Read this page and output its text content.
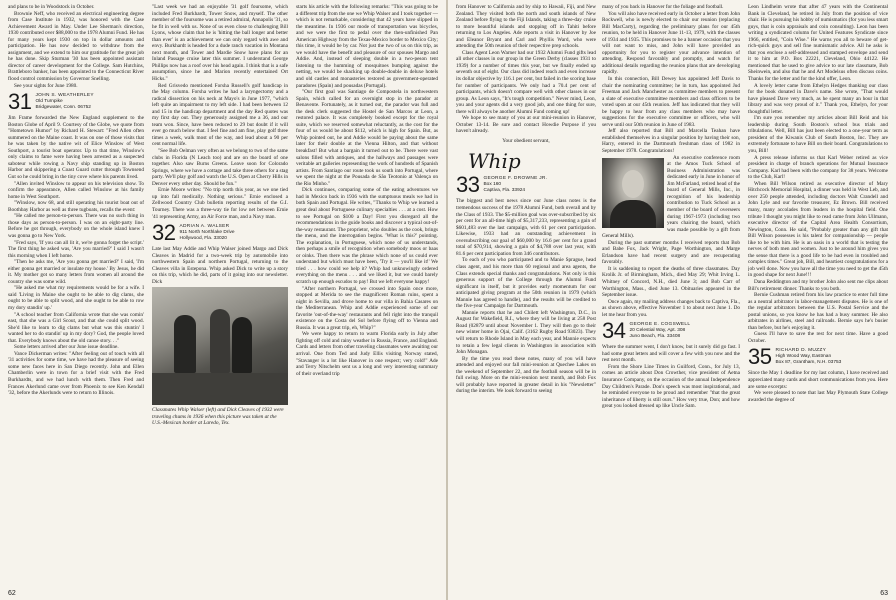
and plans to be in Woodstock in October.

Brownie Neff, who received an electrical engineering degree from Case Institute in 1932, was honored with the Case Achievement Award in May. Under Lee Sherman's direction, 1930 contributed over $88,000 to the 1978 Alumni Fund. He has for many years kept 1930 on top in dollar amounts and participation. He has now decided to withdraw from the assignment, and we extend to him our gratitude for the great job he has done. Skip Sturman '30 has been appointed assistant director of career development for the College. Sam Hutchins, Brattleboro banker, has been appointed to the Connecticut River flood control commission by Governor Snelling.

See your sights for June 1980.

31 JOHN S. WEATHERLEY
Old Turnpike
Bridgewater, Conn. 06752

Jim Frame forwarded the New England supplement to the Boston Globe of April 9. Courtesy of the Globe, we quote from "Hometown Humor" by Richard H. Stewart: "Fred Allen often summered on the Maine coast. It was on one of those visits that he was taken by the native wit of Elice Winslow of West Southport, a tourist boat operator. Up to that time, Winslow's only claims to fame were having been arrested as a suspected saboteur while rowing a Navy ship standing up in Boston Harbor and skippering a Coast Guard cutter through Townsend Gut so he could bring in the tiny cove where his parents lived.

"Allen invited Winslow to appear on his television show. To confirm the appearance, Allen called Winslow at his family home in West Southport.

"Winslow, now 68, and still operating his tourist boat out of Boothbay Harbor as well as three tugboats, recalls the event:

"He called me person-to-person. There was no such thing in those days as person-to-person. I was on an eight-party line. Before he got through, everybody on the whole island knew I was gonna go to New York.

"Fred says, 'If you can all lit it, we're gonna forget the script.' The first thing he asked was, 'Are you married?' I said I wasn't this morning when I left home.

"Then he asks me, 'Are you gonna get married?' I said, 'I'm either gonna get married or insulate my house.' By Jesus, he did it. My mother got so many letters from women all around the country she was some wild.

"He asked me what my requirements would be for a wife. I said 'Living in Maine she ought to be able to dig clams, she ought to be able to split wood, and she ought to be able to row my dory standin' up.'

"A school teacher from California wrote that she was comin' east, that she was a Girl Scout, and that she could split wood. She'd like to learn to dig clams but what was this stuntin' I wanted her to do standin' up in my dory? God, the people loved that. Everybody knows about the old canoe story. . ."

Some letters arrived after our June issue deadline.

Vance Dickerman writes: "After feeling out of touch with all '31 activities for some time, we have had the pleasure of seeing some new faces here in San Diego recently. John and Ellen Chamberlin were in town for a brief visit with the Fred Burkhardts, and we had lunch with them. Then Fred and Frances Akerlund came over from Phoenix to see Ken Kendall '32, before the Akerlunds were to return to Illinois.

"Last week we had an enjoyable '31 golf foursome, which included Fred Burkhardt, Tower Snow, and myself. The other member of the foursome was a retired admiral, Annapolis '31, so he fit in well with us. None of us even close to challenging Bill Lyons, whose claim that he is 'hitting the ball longer and better than ever' is an achievement we can only regard with awe and envy. Burkhardt is headed for a dude ranch vacation in Montana next month, and Tower and Mardie Snow have plans for an Inland Passage cruise later this summer. I understand George Phillips now has a roof over his head again. I think that is a safe assumption, since he and Marion recently entertained Ort Hicks."

Red Grisvedo mentioned Forsha Russell's golf handicap in the May column. Forsha writes he had a laryngectomy and a radical dissection on his neck at Mayo's in June 1977, "which left quite an impairment to my left side. I had been between 12 and 15 in the handicap department and the day Red quotes was my first day out. They generously assigned me a 36, and our team won. Since, have been reduced to 29 but doubt if it will ever go much below that. I feel fine and am fine, play golf three times a week, walk most of the way, and lead about a 90 per cent normal life.

"See Bob Oelman very often as we belong to two of the same clubs in Florida (N Leach too) and are on the board of one together. Also saw Burns Greens. Leave soon for Colorado Springs, where we have a cottage and take three others for a stag party. We'll play golf and watch the U.S. Open at Cherry Hills in Denver every other day. Should be fun."

Ernie Moore writes: "No trip north this year, as we one tied up into fall medically. Nothing serious." Ernie enclosed a Zellwood Country Club bulletin reporting results of the G.I. Tourney. There was a three-way tie for low net between Ernie '41 representing Army, an Air Force man, and a Navy man.

32 ADRIAN A. WALSER
911 North Northlake Drive
Hollywood, Fla. 33020

Late last May Addie and Whip Walser joined Margo and Dick Cleaves in Madrid for a two-week trip by automobile into northwestern Spain and northern Portugal, returning to the Cleaves villa in Estepona. Whip asked Dick to write up a story on this trip, which he did, parts of it going into our newsletter. Dick

Classmates Whip Walser (left) and Dick Cleaves of 1932 were traveling chums in 1936 when this picture was taken at the U.S.-Mexican border at Laredo, Tex.

starts his article with the following remarks: "This was going to be a different trip from the one we Whip Walser and I took together — which is not remarkable, considering that 42 years have slipped in the meantime. In 1936 our mode of transportation was bicycles, and we were the first to pedal over the then-unfinished Pan American Highway from the Texas-Mexico border to Mexico City; this time, it would be by car. Not just the two of us on this trip, as we would have the benefit and pleasure of our spouses Margo and Addie. And, instead of sleeping double in a two-peson tent listening to the humming of mosquitoes bumping against the netting, we would be shacking up double-double in deluxe hotels and old castles and monasteries restored as government-operated paradores (Spain) and pousadas (Portugal).

"Our first goal was Santiago de Compostela in northwestern Spain, which called for an overnight stop in the parador at Benavente. Fortunately, as it turned out, the parador was full and the desk clerk suggested the Hostel de San Marcos at Leon, a restored palace. It was completely booked except for the royal suite, which we reserved somewhat reluctantly, as the cost for the four of us would be about $112, which is high for Spain. But, as Whip pointed out, he and Addie would be paying about the same later for their double at the Vienna Hilton, and that without breakfast! But what a bargain it turned out to be. There were vast salons filled with antiques, and the hallways and passages were veritable art galleries representing the work of hundreds of Spanish artists. From Santiago our route took us south into Portugal, where we spent the night at the Pousada de São Teotonio at Valença on the Rio Minho."

Dick continues, comparing some of the eating adventures we had in Mexico back in 1936 with the sumptuous meals we had in both Spain and Portugal. He writes, "Thanks to Whip we learned a great deal about Portuguese culinary specialties . . . at a cost. How to see Portugal on $100 a Day! First you disregard all the recommendations in the guide books and discover a typical out-of-the-way restaurant. The proprietor, who doubles as the cook, brings the menu, and the interrogation begins. 'What is this?' pointing. The explanation, in Portuguese, which none of us understands, then perhaps a smile of recognition when somebody moos or baas or oinks. Then there was the phrase which none of us could ever understand but which must have been, 'Try it — you'll like it!' We tried . . . how could we help it? Whip had unknowingly ordered everything on the menu . . . and we liked it, but we could barely scratch up enough escudos to pay! But we left everyone happy!

"After northern Portugal, we crossed into Spain once more, stopped at Merida to see the magnificent Roman ruins, spent a night in Sevilla, and drove home to our villa in Bahia Casares on the Mediterranean. Whip and Addie experienced some of our favorite 'out-of-the-way' restaurants and fell right into the tranquil existence on the Costa del Sol before flying off to Vienna and Russia. It was a great trip, eh, Whip?"

We were happy to return to warm Florida early in July after fighting off cold and rainy weather in Russia, France, and England. Cards and letters from other traveling classmates were awaiting our arrival. One from Ted and Judy Ellis visiting Norway stated, "Stavanger is a lot like Hanover in one respect; very cold!" Ade and Terry Nitschelm sent us a long and very interesting summary of their overland trip

62

from Hanover to California and by ship to Hawaii, Fiji, and New Zealand. They visited both the north and south islands of New Zealand before flying to the Fiji Islands, taking a three-day cruise to more beautiful islands and stopping off in Tahiti before returning to Los Angeles. Ade reports a visit in Hanover by Joe and Eleanor Bryant and Carl and Phyllis Ward, who were attending the 50th reunion of their respective prep schools.

Class Agent Leon Warner had our 1932 Alumni Fund gifts lead all other classes in our group in the Green Derby (classes 1931 to 1939) for a number of times this year, but we finally ended up seventh out of eight. Our class did indeed reach and even increase its dollar objective by 116.1 per cent, but failed in the scoring base for number of participants. We only had a 70.4 per cent of participants, which doesn't compare well with other classes in our group. As Leon says, "It's tough competition." Never mind, Leon, you and your agents did a very good job, and one thing for sure, there will always be another Alumni Fund coming up!

We hope to see many of you at our mini-reunion in Hanover, October 13-14. Be sure and contact Howdie Purpose if you haven't already.

Your obedient servant,

Whip
33 GEORGE F. DROWNE JR.
Box 160
Captiva, Fla. 33924

The biggest and best news since our June class notes is the tremendous success of the 1978 Alumni Fund, both overall and by the Class of 1933. The $5-million goal was over-subscribed by six per cent for an all-time high of $5,317,233, representing a gain of $601,483 over the last campaign, with 61 per cent participation. Likewise, 1933 had an outstanding achievement in oversubscribing our goal of $60,000 by 16.6 per cent for a grand total of $70,914, showing a gain of $4,788 over last year, with 81.6 per cent participation from 346 contributors.

To each of you who participated and to Manie Sprague, head class agent, and his more than 60 regional and area agents, the Class extends special thanks and congratulations. Not only is this generous support of the College through the Alumni Fund significant in itself, but it provides early momentum for our anticipated giving program at the 50th reunion in 1979 (which Mannie has agreed to handle), and the results will be credited to the five-year Campaign for Dartmouth.

Mannie reports that he and Chilett left Washington, D.C., in August for Wakefield, R.I., where they will be living at 258 Post Road (02879 until about November 1. They will then go to their new winter home in Ojai, Calif. (3162 Rugby Road 93023). They will return to Rhode Island in May each year, and Mannie expects to retain a few legal clients in Washington in association with John Monagan.

By the time you read these notes, many of you will have attended and enjoyed our fall mini-reunion at Quechee Lakes on the weekend of September 22, and the football season will be in full swing. More on the mini-reunion next month, and Bob Fox will probably have reported in greater detail in his "Newsletter" during the interim. We look forward to seeing

many of you back in Hanover for the foliage and football.

You will also have received early in October a letter from John Rockwell, who is newly elected to chair our reunion (replacing Bill MacCarty), regarding the preliminary plans for our 45th reunion, to be held in Hanover June 11-13, 1979, with the classes of 1934 and 1935. This promises to be a banner occasion that you will not want to miss, and John will have provided an opportunity for you to register your advance intention of attending. Respond favorably and promptly, and watch for additional details regarding the reunion plans that are developing rapidly.

In this connection, Bill Dewey has appointed Jeff Davis to chair the nominating committee; he in turn, has appointed Jud Freeman and Jack Manchester as committee members to present a slate of executive committee members and class officers to be voted upon at our 45th reunion. Jeff has indicated that they will be happy to hear from any class members who may have suggestions for the executive committee or officers, who will serve until our 50th reunion in June of 1983.

Jeff also reported that Bill and Marcella Teahan have established themselves in a singular position by having their son, Harry, entered in the Dartmouth freshman class of 1982 in September 1978. Congratulations!

An executive conference room at the Amos Tuck School of Business Administration was dedicated early in June in honor of Jim McFarland, retired head of the board of General Mills, Inc., in recognition of his leadership contribution to Tuck School as a member of the board of overseers during 1967-1973 (including two years chairing the board, which was made possible by a gift from General Mills).

During the past summer months I received reports that Bob and Babe Fox, Jack Wright, Page Worthington, and Marge Erlandson have had recent surgery and are recuperating favorably.

It is saddening to report the deaths of three classmates. Day Krolik Jr. of Birmingham, Mich., died May 29; Whit Irving L. Whitney of Concord, N.H., died June 3; and Bob Carr of Worthington, Mass., died June 13. Obituaries appeared in the September issue.

Once again, my mailing address changes back to Captiva, Fla., as shown above, effective November 1 to about next June 1. Do let me hear from you.

34 GEORGE E. COGSWELL
20 Celestial Way, Apt. 308
Juno Beach, Fla. 33408

Where the summer went, I don't know, but it surely did go fast. I had some great letters and will cover a few with you now and the rest next month.

From the Shore Line Times in Guilford, Conn., for July 13, comes an article about Don Crowther, vice president of Aetna Insurance Company, on the occasion of the annual Independence Day Children's Parade. Don's speech was most inspirational, and he reminded everyone to be proud and remember "that the great inheritance of liberty is still ours." How very true, Don; and how great you looked dressed up like Uncle Sam.

Leon Lindheim wrote that after 47 years with the Continental Bank in Cleveland, he retired in July from the position of vice chair. He is pursuing his hobby of numismatics (for you less smart guys, that is coin appraisals and coin consulting). Leon has been writing a syndicated column for United Features Syndicate since 1966, entitled, "Coin Wise." He warns you all to beware of get-rich-quick guys and sell fine numismatic advice. All he asks is that you enclose a self-addressed and stamped envelope and send it to him at P.O. Box 22221, Cleveland, Ohio 44122. He mentioned that he used to give advice to our late classmate, Bob Sheinwein, and also that he and Art Modelsus often discuss coins. Thanks for the letter and for the kind offer, Leon.

A lovely letter came from Ethelyn Hedges thanking our class for the book donated in Dave's name. She wrote, "That would have pleased Dave very much, as he spent many an hour in that library and was very proud of it." Thank you, Ethelyn, for your thoughtful letter.

I'm sure you remember my articles about Bill Reid and his leadership during South Boston's school bus trials and tribulations. Well, Bill has just been elected to a one-year term as president of the Kiwanis Club of South Boston, Inc. They are extremely fortunate to have Bill on their board. Congratulations to you, Bill!

A press release informs us that Karl Weber retired as vice president in charge of branch operations for Mutual Insurance Company. Karl had been with the company for 38 years. Welcome to the Club, Karl!

When Bill Wilson retired as executive director of Mary Hitchcock Memorial Hospital, a dinner was held in West Leb, and over 250 people attended, including doctors Walt Crandell and John Lyle and our favorite treasurer, Ez Brown. Bill received many, many accolades from leaders in the hospital field. One tribute I thought you might like to read came from John Ullmann, executive director of the Capital Area Health Consortium, Newington, Conn. He said, "Probably greater than any gift that Bill Wilson possesses is his talent for companionship — people like to be with him. He is an oasis in a world that is testing the nerves of both men and women. Just to be around him gives you the sense that there is a good life to be had even in troubled and complex times." Great job, Bill, and heartiest congratulations for a job well done. Now you have all the time you need to get the 45th in good shape for next June!!!

Dana Reddington and my brother John also sent me clips about Bill's retirement dinner. Thanks to you both.

Bernie Cushman retired from his law practice to enter full time as a neutral arbitrator in labor-management disputes. He is one of the regular arbitrators between the U.S. Postal Service and the postal unions, so you know he has had a busy summer. He also arbitrates in airlines, steel and railroads. Bernie says he's busier than before, but he's enjoying it.

Guess I'll have to save the rest for next time. Have a good October.

35 RICHARD D. MUZZY
High Wood Way, Eastman
Box 87, Grantham, N.H. 03753

Since the May 1 deadline for my last column, I have received and appreciated many cards and short communications from you. Here are some excerpts:

We were pleased to note that last May Plymouth State College awarded the degree of

63
